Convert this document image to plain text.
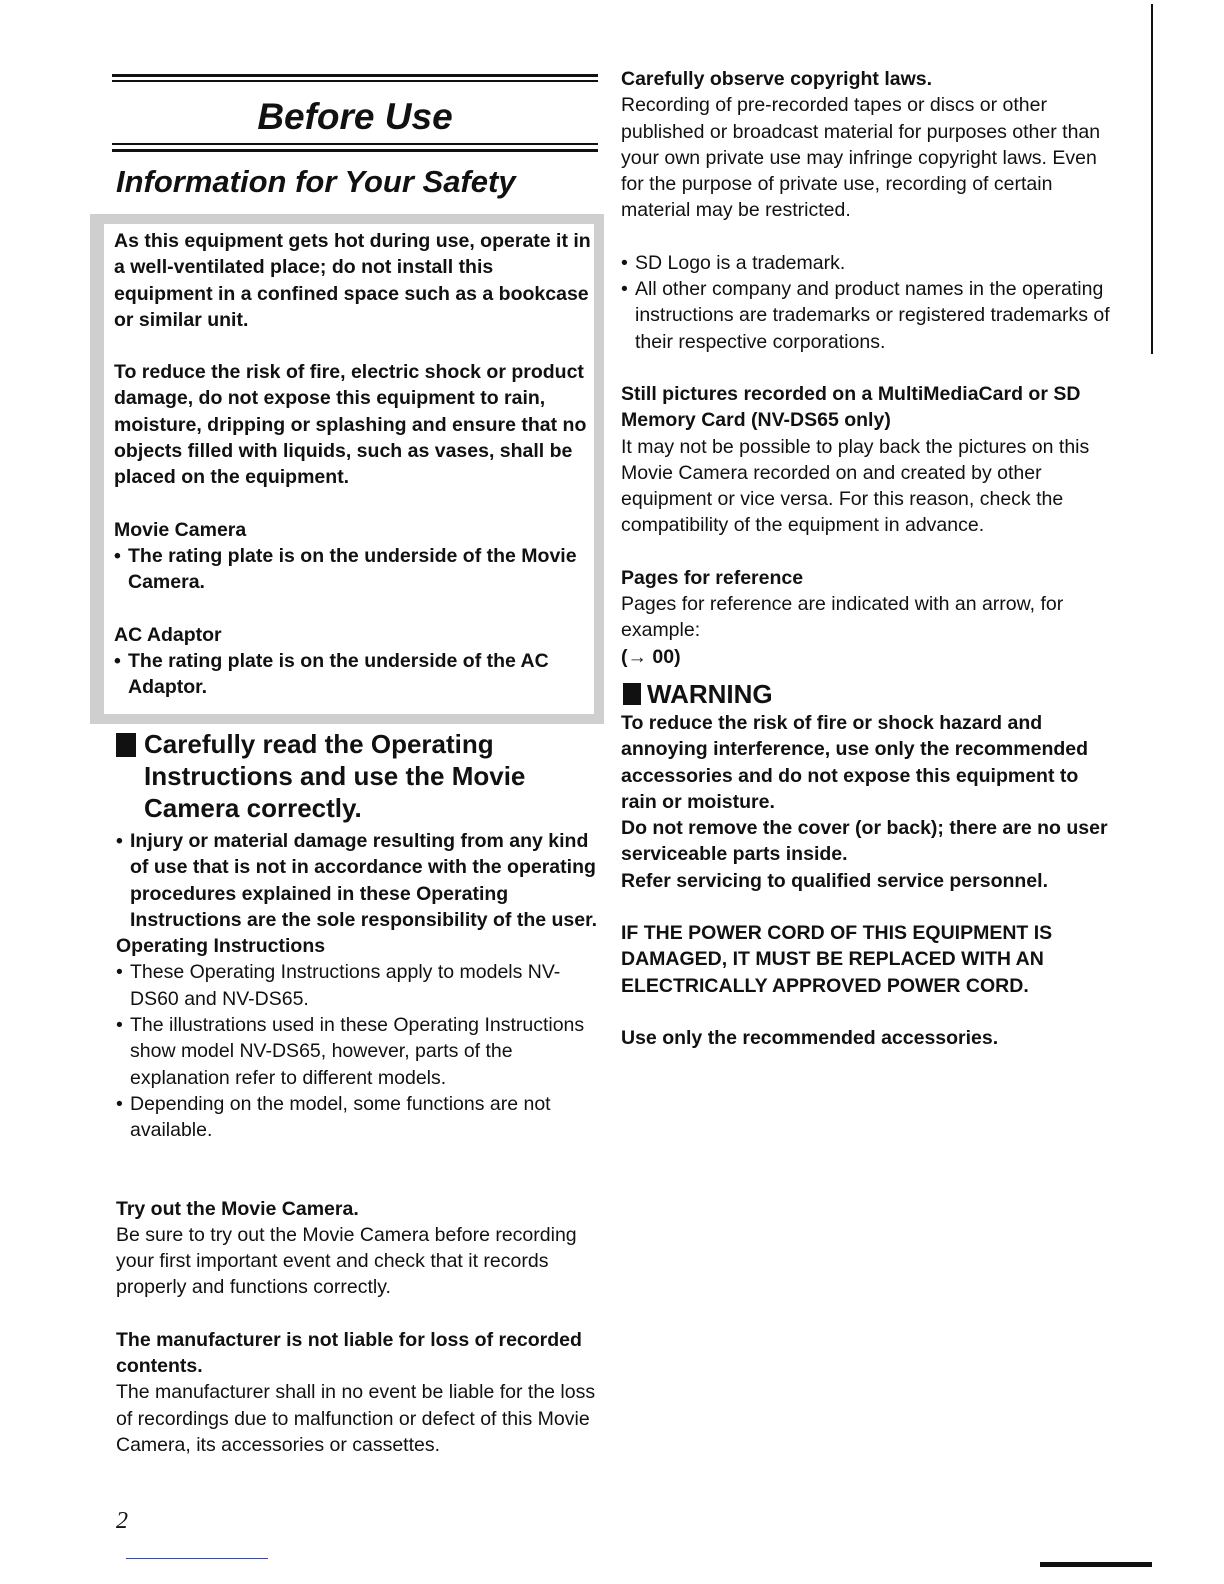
Before Use
Information for Your Safety

As this equipment gets hot during use, operate it in a well-ventilated place; do not install this equipment in a confined space such as a bookcase or similar unit.

To reduce the risk of fire, electric shock or product damage, do not expose this equipment to rain, moisture, dripping or splashing and ensure that no objects filled with liquids, such as vases, shall be placed on the equipment.

Movie Camera

• The rating plate is on the underside of the Movie Camera.

AC Adaptor

• The rating plate is on the underside of the AC Adaptor.

Carefully read the Operating Instructions and use the Movie Camera correctly.

• Injury or material damage resulting from any kind of use that is not in accordance with the operating procedures explained in these Operating Instructions are the sole responsibility of the user.

Operating Instructions

• These Operating Instructions apply to models NV-DS60 and NV-DS65.

• The illustrations used in these Operating Instructions show model NV-DS65, however, parts of the explanation refer to different models.

• Depending on the model, some functions are not available.

Try out the Movie Camera.

Be sure to try out the Movie Camera before recording your first important event and check that it records properly and functions correctly.

The manufacturer is not liable for loss of recorded contents.

The manufacturer shall in no event be liable for the loss of recordings due to malfunction or defect of this Movie Camera, its accessories or cassettes.

Carefully observe copyright laws.

Recording of pre-recorded tapes or discs or other published or broadcast material for purposes other than your own private use may infringe copyright laws. Even for the purpose of private use, recording of certain material may be restricted.

• SD Logo is a trademark.

• All other company and product names in the operating instructions are trademarks or registered trademarks of their respective corporations.

Still pictures recorded on a MultiMediaCard or SD Memory Card (NV-DS65 only)

It may not be possible to play back the pictures on this Movie Camera recorded on and created by other equipment or vice versa. For this reason, check the compatibility of the equipment in advance.

Pages for reference

Pages for reference are indicated with an arrow, for example:

(→ 00)

WARNING

To reduce the risk of fire or shock hazard and annoying interference, use only the recommended accessories and do not expose this equipment to rain or moisture.

Do not remove the cover (or back); there are no user serviceable parts inside.

Refer servicing to qualified service personnel.

IF THE POWER CORD OF THIS EQUIPMENT IS DAMAGED, IT MUST BE REPLACED WITH AN ELECTRICALLY APPROVED POWER CORD.

Use only the recommended accessories.

2
